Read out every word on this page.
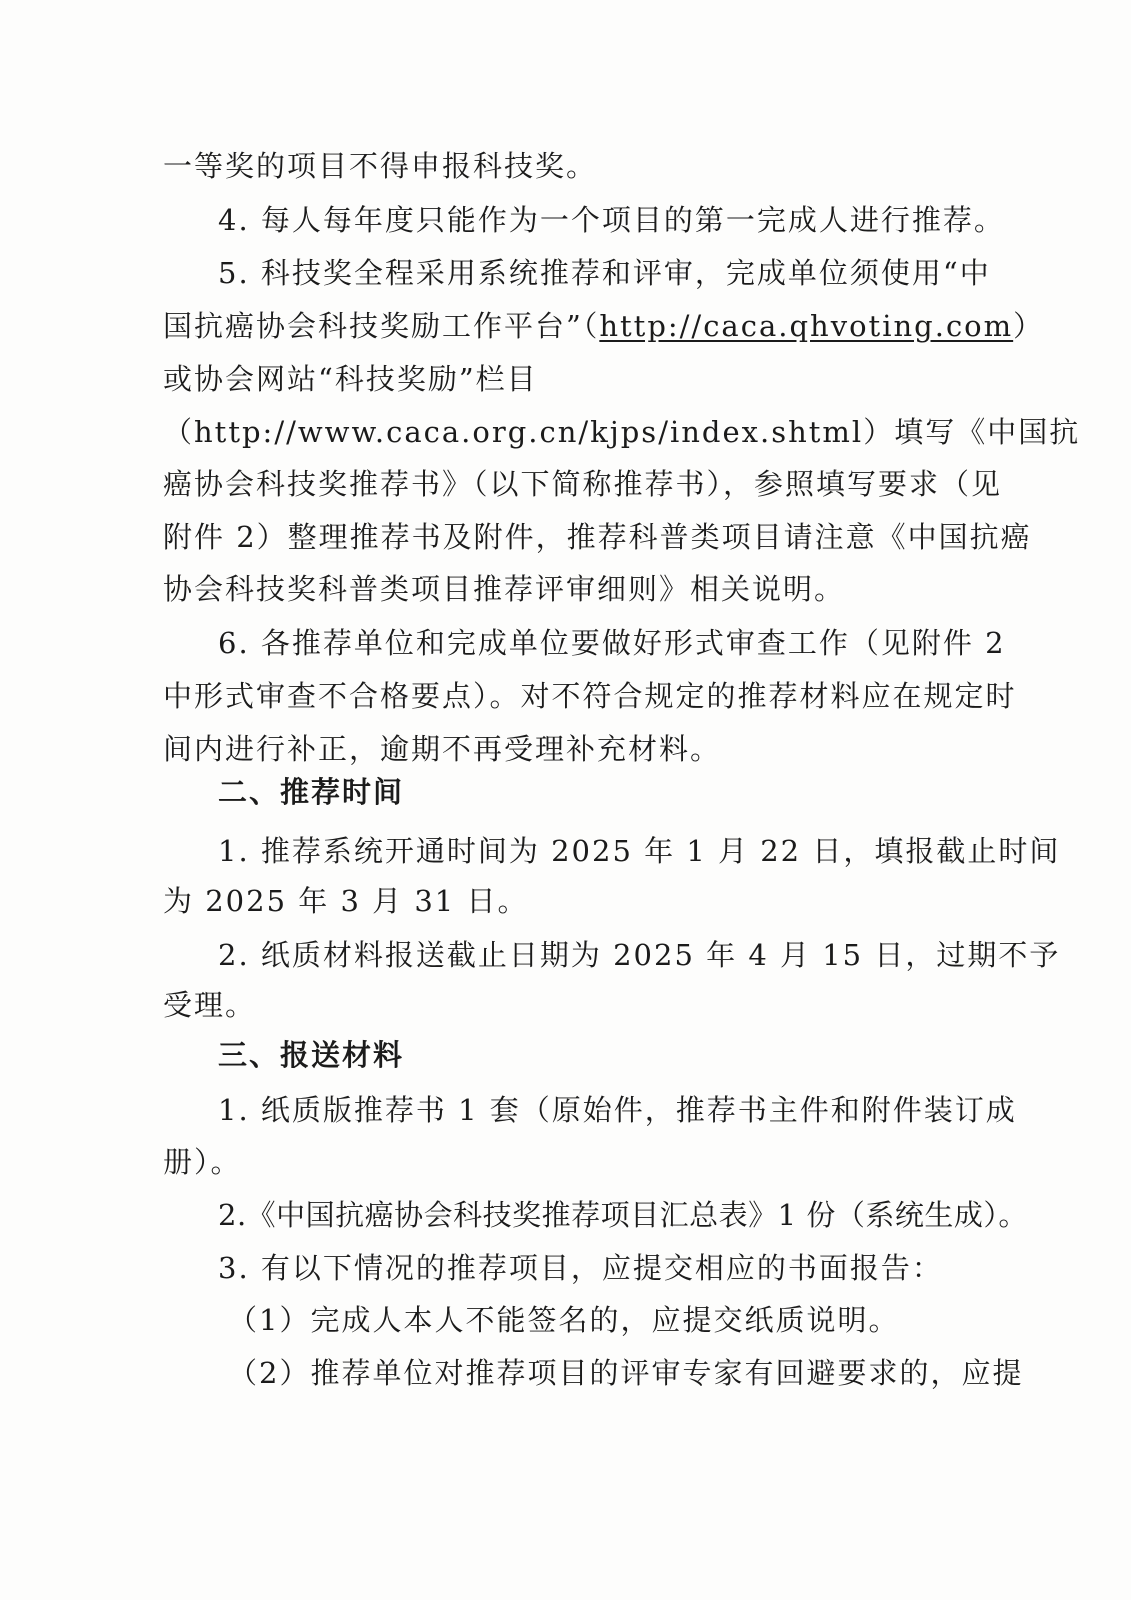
一等奖的项目不得申报科技奖。
4. 每人每年度只能作为一个项目的第一完成人进行推荐。
5. 科技奖全程采用系统推荐和评审，完成单位须使用“中
国抗癌协会科技奖励工作平台”（http://caca.qhvoting.com）
或协会网站“科技奖励”栏目
（http://www.caca.org.cn/kjps/index.shtml）填写《中国抗
癌协会科技奖推荐书》（以下简称推荐书），参照填写要求（见
附件 2）整理推荐书及附件，推荐科普类项目请注意《中国抗癌
协会科技奖科普类项目推荐评审细则》相关说明。
6. 各推荐单位和完成单位要做好形式审查工作（见附件 2
中形式审查不合格要点）。对不符合规定的推荐材料应在规定时
间内进行补正，逾期不再受理补充材料。
二、推荐时间
1. 推荐系统开通时间为 2025 年 1 月 22 日，填报截止时间
为 2025 年 3 月 31 日。
2. 纸质材料报送截止日期为 2025 年 4 月 15 日，过期不予
受理。
三、报送材料
1. 纸质版推荐书 1 套（原始件，推荐书主件和附件装订成
册）。
2.《中国抗癌协会科技奖推荐项目汇总表》1 份（系统生成）。
3. 有以下情况的推荐项目，应提交相应的书面报告：
（1）完成人本人不能签名的，应提交纸质说明。
（2）推荐单位对推荐项目的评审专家有回避要求的，应提
